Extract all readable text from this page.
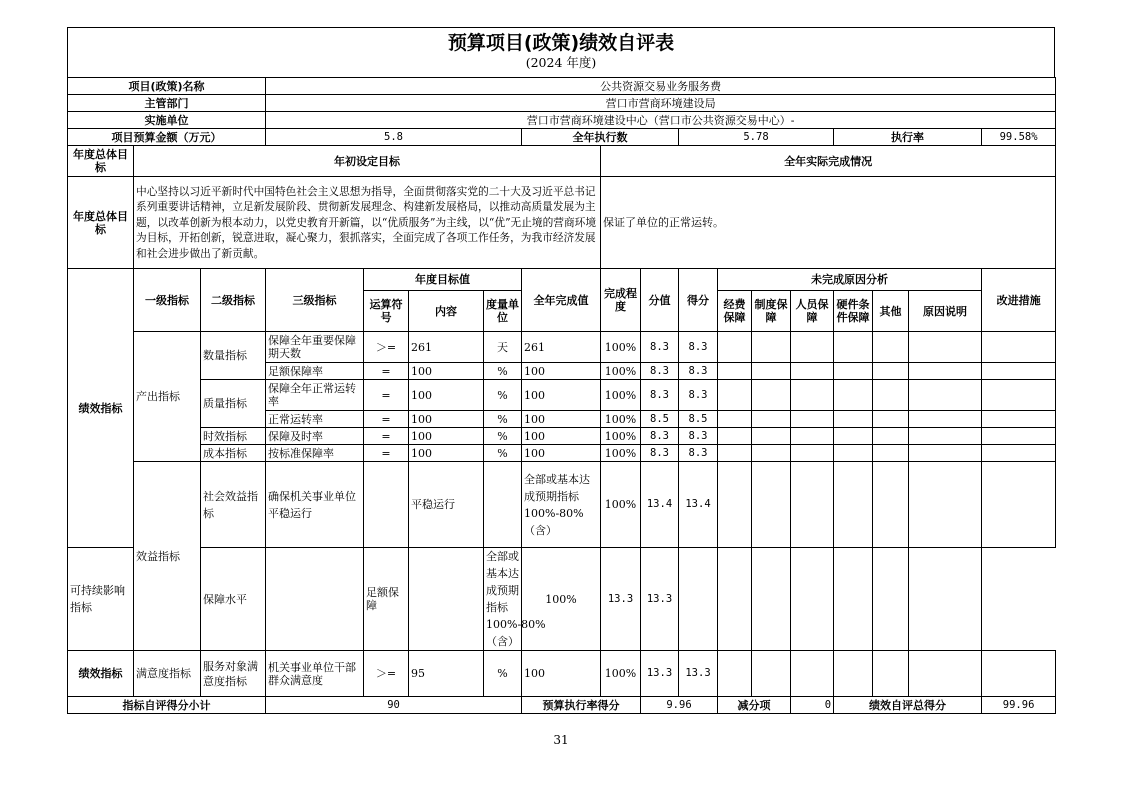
预算项目(政策)绩效自评表
(2024 年度)
项目(政策)名称			公共资源交易业务服务费														
主管部门			营口市营商环境建设局														
实施单位			营口市营商环境建设中心（营口市公共资源交易中心）-														
项目预算金额（万元）			5.8				全年执行数			5.78				执行率			99.58%
年度总体目标	年初设定目标							全年实际完成情况									
年度总体目标	中心坚持以习近平新时代中国特色社会主义思想为指导，全面贯彻落实党的二十大及习近平总书记系列重要讲话精神，立足新发展阶段、贯彻新发展理念、构建新发展格局，以推动高质量发展为主题，以改革创新为根本动力，以党史教育开新篇，以“优质服务”为主线，以“优”无止境的营商环境为目标，开拓创新，锐意进取，凝心聚力，狠抓落实，全面完成了各项工作任务，为我市经济发展和社会进步做出了新贡献。							保证了单位的正常运转。									
绩效指标	一级指标	二级指标	三级指标	年度目标值			全年完成值	完成程度	分值	得分	未完成原因分析						改进措施
				运算符号	内容	度量单位					经费保障	制度保障	人员保障	硬件条件保障	其他	原因说明	
	产出指标	数量指标	保障全年重要保障期天数	＞=	261	天	261	100%	8.3	8.3							
			足额保障率	=	100	%	100	100%	8.3	8.3							
		质量指标	保障全年正常运转率	=	100	%	100	100%	8.3	8.3							
			正常运转率	=	100	%	100	100%	8.5	8.5							
		时效指标	保障及时率	=	100	%	100	100%	8.3	8.3							
		成本指标	按标准保障率	=	100	%	100	100%	8.3	8.3							
	效益指标	社会效益指标	确保机关事业单位平稳运行		平稳运行		全部或基本达成预期指标 100%-80%（含）	100%	13.4	13.4							
可持续影响指标		保障水平		足额保障		全部或基本达成预期指标 100%-80%（含）	100%	13.3	13.3								
绩效指标	满意度指标	服务对象满意度指标	机关事业单位干部群众满意度	＞=	95	%	100	100%	13.3	13.3							
指标自评得分小计			90				预算执行率得分		9.96		减分项		0	绩效自评总得分			99.96
31
